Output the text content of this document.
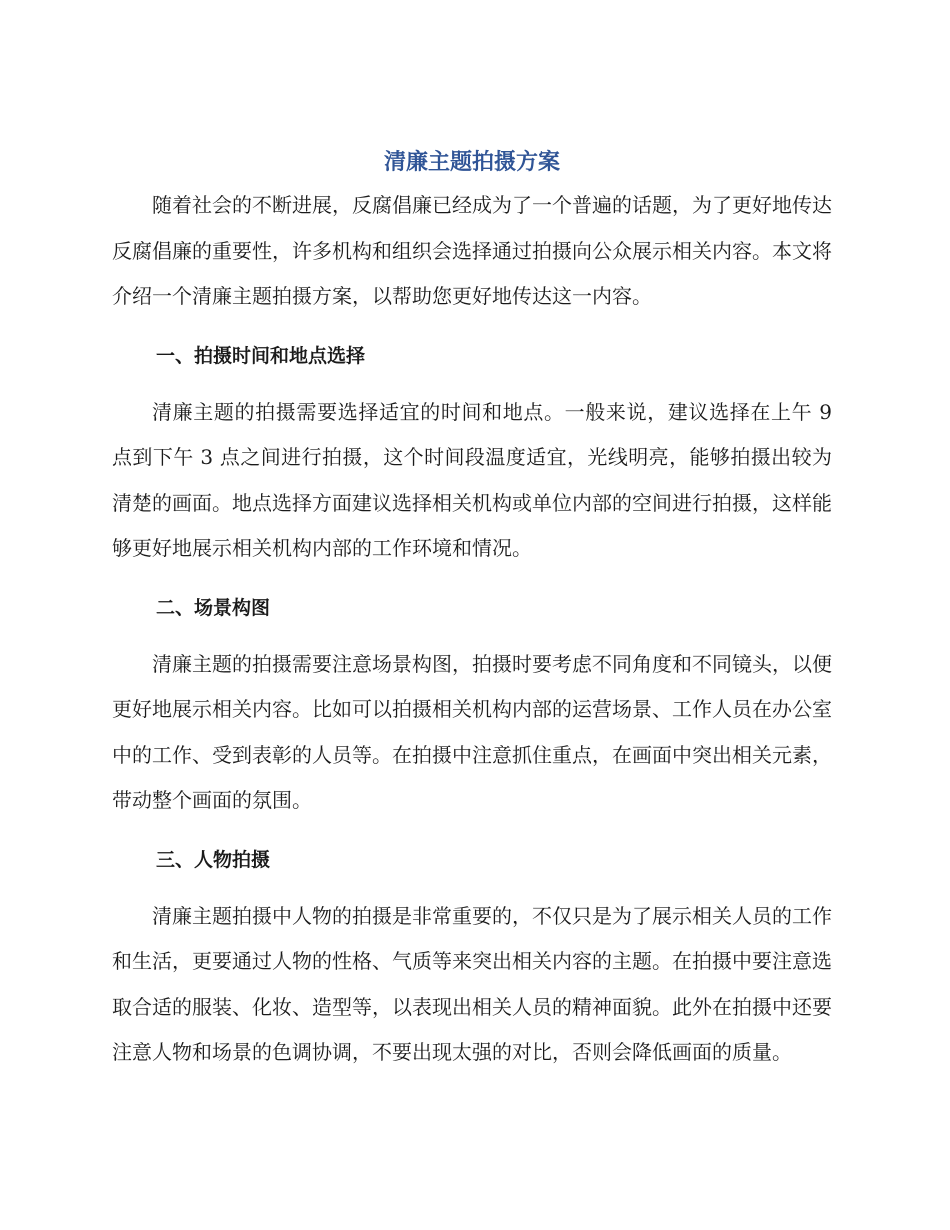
清廉主题拍摄方案

随着社会的不断进展，反腐倡廉已经成为了一个普遍的话题，为了更好地传达反腐倡廉的重要性，许多机构和组织会选择通过拍摄向公众展示相关内容。本文将介绍一个清廉主题拍摄方案，以帮助您更好地传达这一内容。

一、拍摄时间和地点选择

清廉主题的拍摄需要选择适宜的时间和地点。一般来说，建议选择在上午 9 点到下午 3 点之间进行拍摄，这个时间段温度适宜，光线明亮，能够拍摄出较为清楚的画面。地点选择方面建议选择相关机构或单位内部的空间进行拍摄，这样能够更好地展示相关机构内部的工作环境和情况。

二、场景构图

清廉主题的拍摄需要注意场景构图，拍摄时要考虑不同角度和不同镜头，以便更好地展示相关内容。比如可以拍摄相关机构内部的运营场景、工作人员在办公室中的工作、受到表彰的人员等。在拍摄中注意抓住重点，在画面中突出相关元素，带动整个画面的氛围。

三、人物拍摄

清廉主题拍摄中人物的拍摄是非常重要的，不仅只是为了展示相关人员的工作和生活，更要通过人物的性格、气质等来突出相关内容的主题。在拍摄中要注意选取合适的服装、化妆、造型等，以表现出相关人员的精神面貌。此外在拍摄中还要注意人物和场景的色调协调，不要出现太强的对比，否则会降低画面的质量。
